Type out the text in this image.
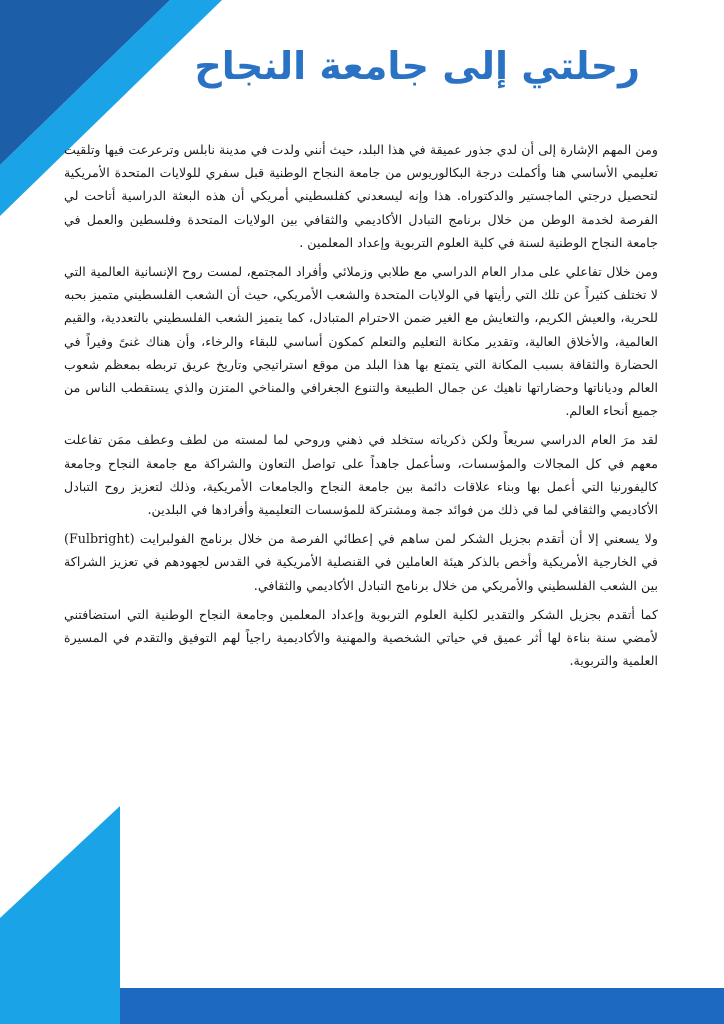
رحلتي إلى جامعة النجاح

ومن المهم الإشارة إلى أن لدي جذور عميقة في هذا البلد، حيث أنني ولدت في مدينة نابلس وترعرعت فيها وتلقيت تعليمي الأساسي هنا وأكملت درجة البكالوريوس من جامعة النجاح الوطنية قبل سفري للولايات المتحدة الأمريكية لتحصيل درجتي الماجستير والدكتوراه. هذا وإنه ليسعدني كفلسطيني أمريكي أن هذه البعثة الدراسية أتاحت لي الفرصة لخدمة الوطن من خلال برنامج التبادل الأكاديمي والثقافي بين الولايات المتحدة وفلسطين والعمل في جامعة النجاح الوطنية لسنة في كلية العلوم التربوية وإعداد المعلمين .

ومن خلال تفاعلي على مدار العام الدراسي مع طلابي وزملائي وأفراد المجتمع، لمست روح الإنسانية العالمية التي لا تختلف كثيراً عن تلك التي رأيتها في الولايات المتحدة والشعب الأمريكي، حيث أن الشعب الفلسطيني متميز بحبه للحرية، والعيش الكريم، والتعايش مع الغير ضمن الاحترام المتبادل، كما يتميز الشعب الفلسطيني بالتعددية، والقيم العالمية، والأخلاق العالية، وتقدير مكانة التعليم والتعلم كمكون أساسي للبقاء والرخاء، وأن هناك غنىً وفيراً في الحضارة والثقافة بسبب المكانة التي يتمتع بها هذا البلد من موقع استراتيجي وتاريخ عريق تربطه بمعظم شعوب العالم ودياناتها وحضاراتها ناهيك عن جمال الطبيعة والتنوع الجغرافي والمناخي المتزن والذي يستقطب الناس من جميع أنحاء العالم.

لقد مرَ العام الدراسي سريعاً ولكن ذكرياته ستخلد في ذهني وروحي لما لمسته من لطف وعطف ممَن تفاعلت معهم في كل المجالات والمؤسسات، وسأعمل جاهداً على تواصل التعاون والشراكة مع جامعة النجاح وجامعة كاليفورنيا التي أعمل بها وبناء علاقات دائمة بين جامعة النجاح والجامعات الأمريكية، وذلك لتعزيز روح التبادل الأكاديمي والثقافي لما في ذلك من فوائد جمة ومشتركة للمؤسسات التعليمية وأفرادها في البلدين.

ولا يسعني إلا أن أتقدم بجزيل الشكر لمن ساهم في إعطائي الفرصة من خلال برنامج الفولبرايت (Fulbright) في الخارجية الأمريكية وأخص بالذكر هيئة العاملين في القنصلية الأمريكية في القدس لجهودهم في تعزيز الشراكة بين الشعب الفلسطيني والأمريكي من خلال برنامج التبادل الأكاديمي والثقافي.

كما أتقدم بجزيل الشكر والتقدير لكلية العلوم التربوية وإعداد المعلمين وجامعة النجاح الوطنية التي استضافتني لأمضي سنة بناءة لها أثر عميق في حياتي الشخصية والمهنية والأكاديمية راجياً لهم التوفيق والتقدم في المسيرة العلمية والتربوية.
